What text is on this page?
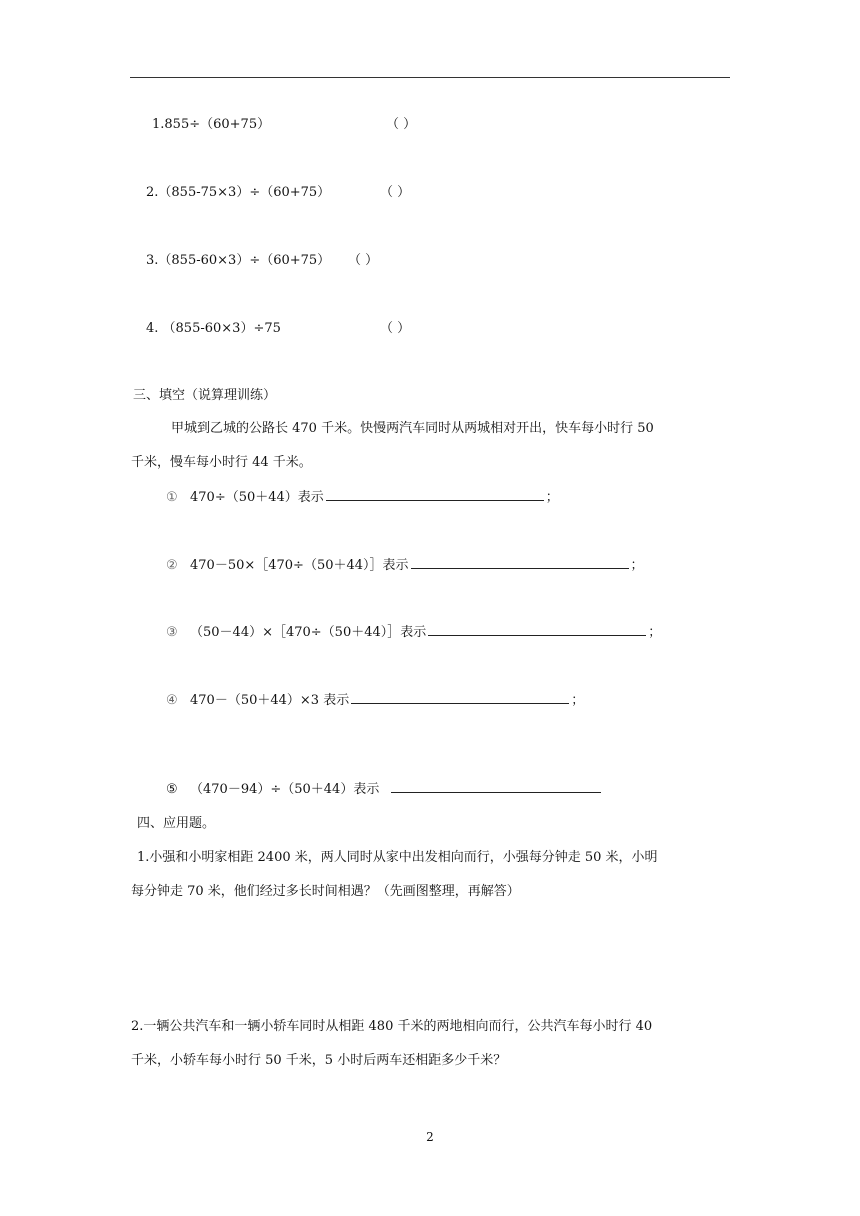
1.855÷（60+75）	（ ）
2.（855-75×3）÷（60+75）	（ ）
3.（855-60×3）÷（60+75） （ ）
4. （855-60×3）÷75	（ ）
三、填空（说算理训练）
甲城到乙城的公路长 470 千米。快慢两汽车同时从两城相对开出，快车每小时行 50
千米，慢车每小时行 44 千米。
① 470÷（50＋44）表示	；
② 470－50×［470÷（50＋44）］表示	；
③ （50－44）×［470÷（50＋44）］表示	；
④ 470－（50＋44）×3 表示	；
⑤ （470－94）÷（50＋44）表示
四、应用题。
1.小强和小明家相距 2400 米，两人同时从家中出发相向而行，小强每分钟走 50 米，小明
每分钟走 70 米，他们经过多长时间相遇？（先画图整理，再解答）
2.一辆公共汽车和一辆小轿车同时从相距 480 千米的两地相向而行，公共汽车每小时行 40
千米，小轿车每小时行 50 千米，5 小时后两车还相距多少千米？
2
